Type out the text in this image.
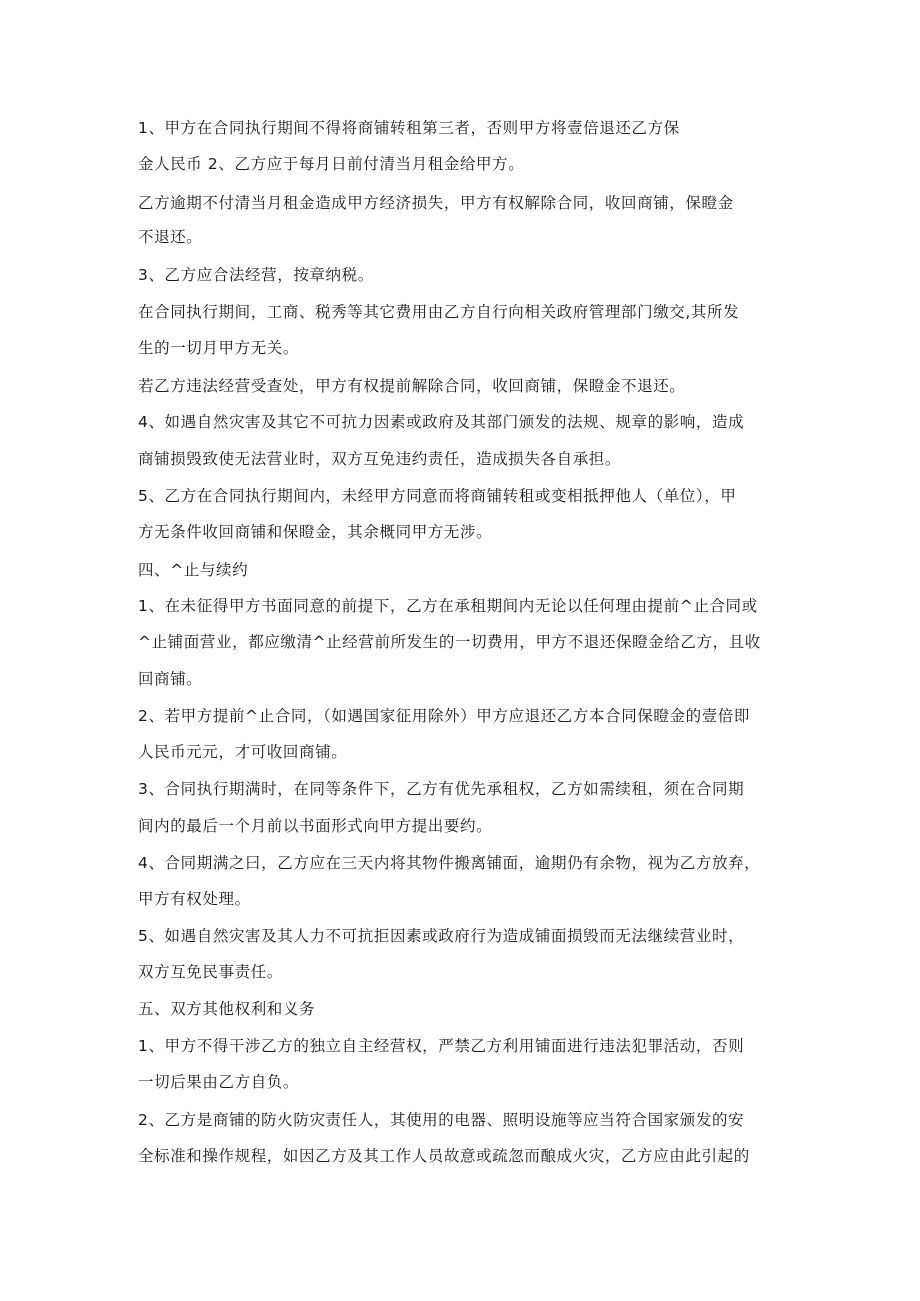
1、甲方在合同执行期间不得将商铺转租第三者，否则甲方将壹倍退还乙方保
金人民币 2、乙方应于每月日前付清当月租金给甲方。
乙方逾期不付清当月租金造成甲方经济损失，甲方有权解除合同，收回商铺，保瞪金
不退还。
3、乙方应合法经营，按章纳税。
在合同执行期间，工商、税秀等其它费用由乙方自行向相关政府管理部门缴交,其所发
生的一切月甲方无关。
若乙方违法经营受查处，甲方有权提前解除合同，收回商铺，保瞪金不退还。
4、如遇自然灾害及其它不可抗力因素或政府及其部门颁发的法规、规章的影响，造成
商铺损毁致使无法营业时，双方互免违约责任，造成损失各自承担。
5、乙方在合同执行期间内，未经甲方同意而将商铺转租或变相抵押他人（单位），甲
方无条件收回商铺和保瞪金，其余概同甲方无涉。
四、^止与续约
1、在未征得甲方书面同意的前提下，乙方在承租期间内无论以任何理由提前^止合同或
^止铺面营业，都应缴清^止经营前所发生的一切费用，甲方不退还保瞪金给乙方，且收
回商铺。
2、若甲方提前^止合同，（如遇国家征用除外）甲方应退还乙方本合同保瞪金的壹倍即
人民币元元，才可收回商铺。
3、合同执行期满时，在同等条件下，乙方有优先承租权，乙方如需续租，须在合同期
间内的最后一个月前以书面形式向甲方提出要约。
4、合同期满之曰，乙方应在三天内将其物件搬离铺面，逾期仍有余物，视为乙方放弃，
甲方有权处理。
5、如遇自然灾害及其人力不可抗拒因素或政府行为造成铺面损毁而无法继续营业时，
双方互免民事责任。
五、双方其他权利和义务
1、甲方不得干涉乙方的独立自主经营权，严禁乙方利用铺面进行违法犯罪活动，否则
一切后果由乙方自负。
2、乙方是商铺的防火防灾责任人，其使用的电器、照明设施等应当符合国家颁发的安
全标准和操作规程，如因乙方及其工作人员故意或疏忽而酿成火灾，乙方应由此引起的
